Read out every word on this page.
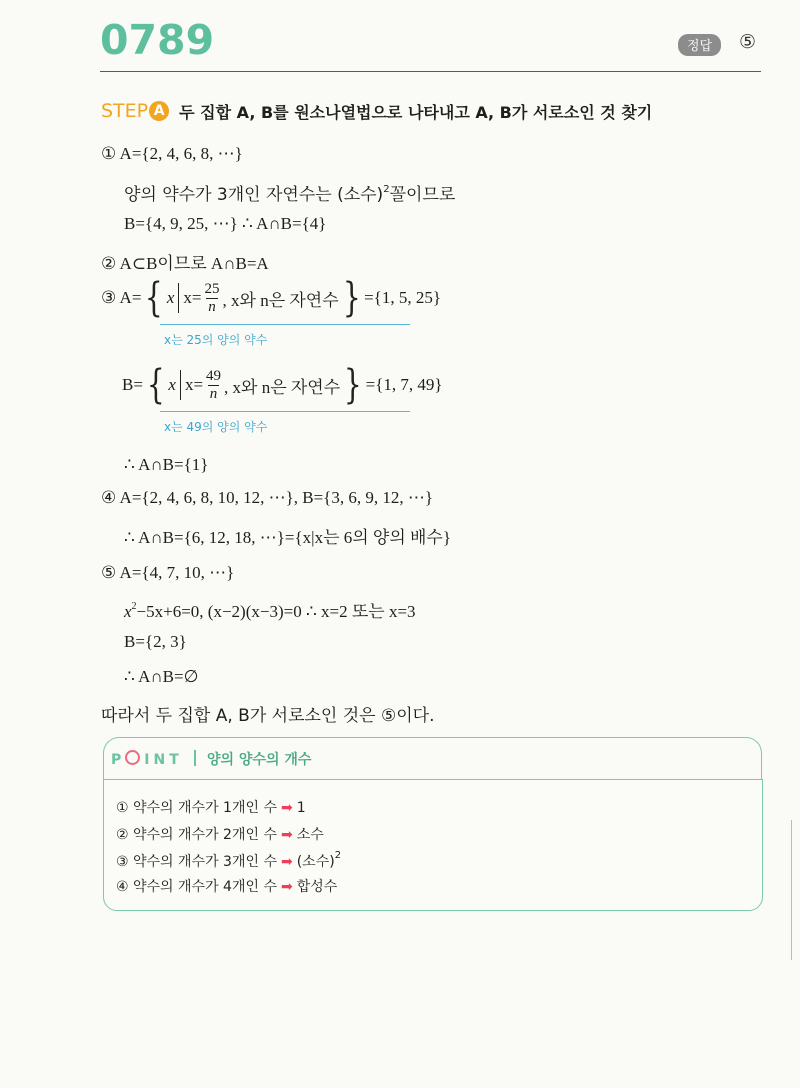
0789	정답	⑤
STEP A 두 집합 A, B를 원소나열법으로 나타내고 A, B가 서로소인 것 찾기
① A={2, 4, 6, 8, ⋯}
양의 약수가 3개인 자연수는 (소수)$^2$꼴이므로
B={4, 9, 25, ⋯} ∴ A∩B={4}
② A⊂B이므로 A∩B=A
③ A= { x $x= \frac{25}{n}$ , x와 n은 자연수 } ={1, 5, 25}
x는 25의 양의 약수
B= { x $x= \frac{49}{n}$ , x와 n은 자연수 } ={1, 7, 49}
x는 49의 양의 약수
∴ A∩B={1}
④ A={2, 4, 6, 8, 10, 12, ⋯}, B={3, 6, 9, 12, ⋯}
∴ A∩B={6, 12, 18, ⋯}={x|x는 6의 양의 배수}
⑤ A={4, 7, 10, ⋯}
$x^2-5x+6=0$, (x−2)(x−3)=0 ∴ x=2 또는 x=3
B={2, 3}
∴ A∩B=∅
따라서 두 집합 A, B가 서로소인 것은 ⑤이다.
P INT 양의 양수의 개수
① 약수의 개수가 1개인 수 ➡ 1
② 약수의 개수가 2개인 수 ➡ 소수
③ 약수의 개수가 3개인 수 ➡ (소수)$^2$
④ 약수의 개수가 4개인 수 ➡ 합성수
